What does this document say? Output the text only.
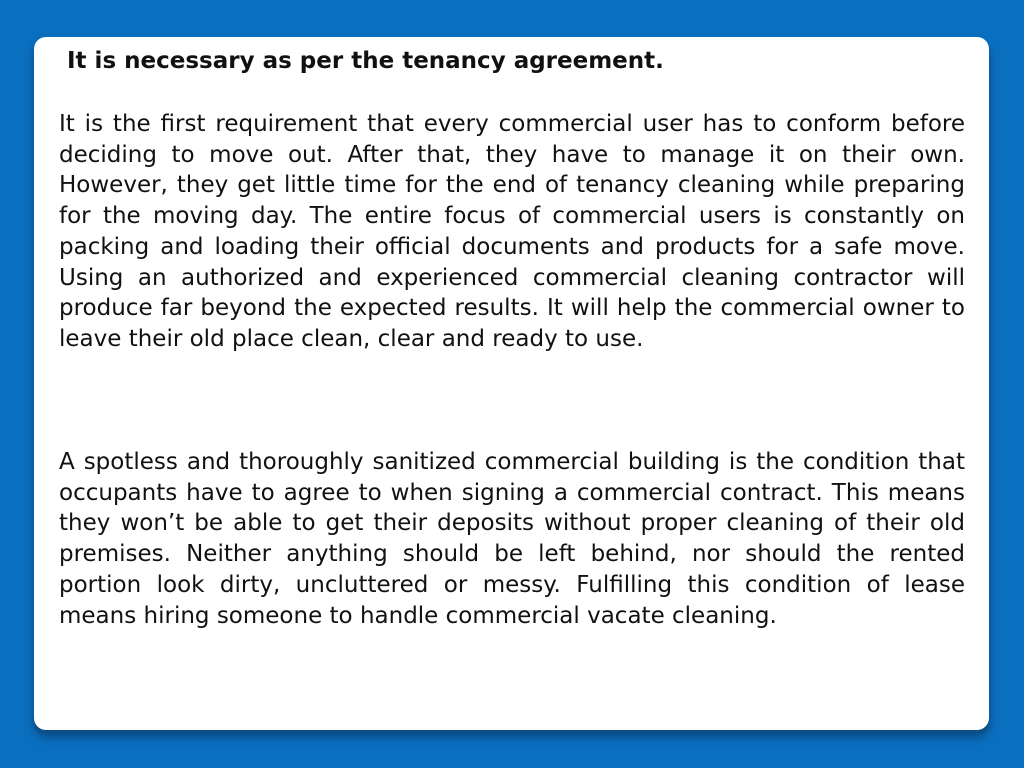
It is necessary as per the tenancy agreement.

It is the first requirement that every commercial user has to conform before deciding to move out. After that, they have to manage it on their own. However, they get little time for the end of tenancy cleaning while preparing for the moving day. The entire focus of commercial users is constantly on packing and loading their official documents and products for a safe move. Using an authorized and experienced commercial cleaning contractor will produce far beyond the expected results. It will help the commercial owner to leave their old place clean, clear and ready to use.

A spotless and thoroughly sanitized commercial building is the condition that occupants have to agree to when signing a commercial contract. This means they won’t be able to get their deposits without proper cleaning of their old premises. Neither anything should be left behind, nor should the rented portion look dirty, uncluttered or messy. Fulfilling this condition of lease means hiring someone to handle commercial vacate cleaning.
